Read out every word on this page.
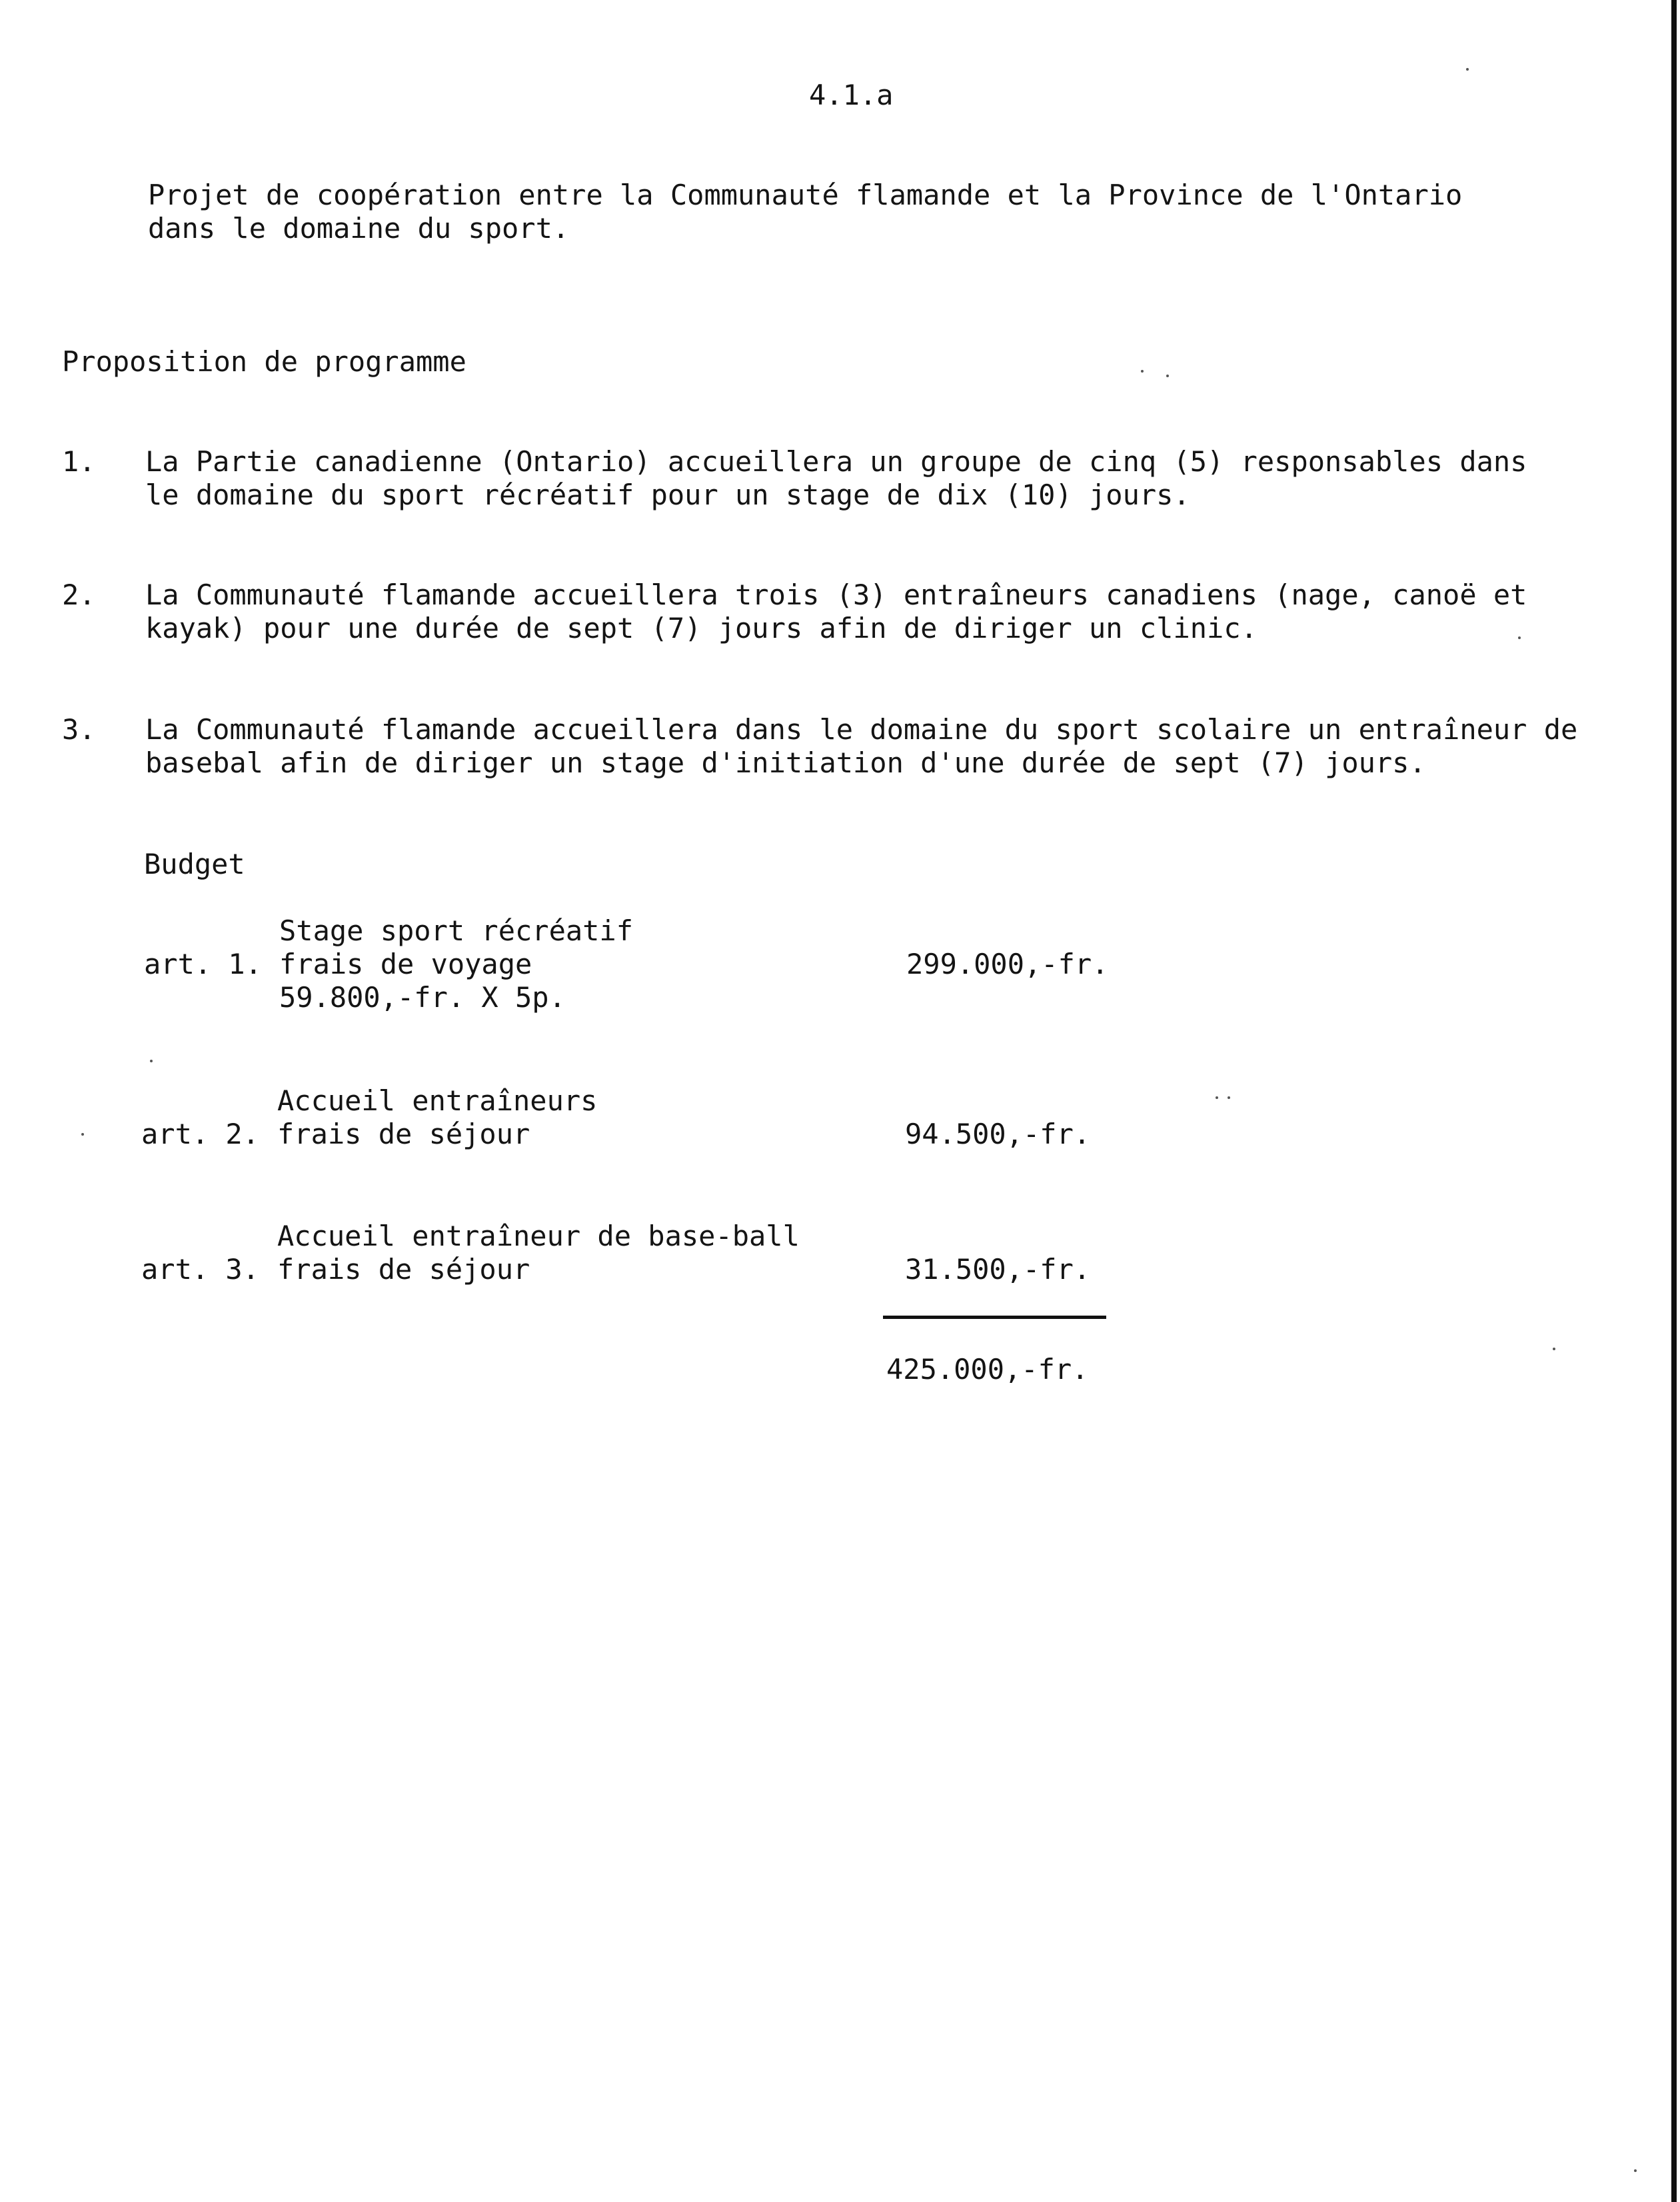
4.1.a

Projet de coopération entre la Communauté flamande et la Province de l'Ontario

dans le domaine du sport.

Proposition de programme

1. La Partie canadienne (Ontario) accueillera un groupe de cinq (5) responsables dans

le domaine du sport récréatif pour un stage de dix (10) jours.

2. La Communauté flamande accueillera trois (3) entraîneurs canadiens (nage, canoë et

kayak) pour une durée de sept (7) jours afin de diriger un clinic.

3. La Communauté flamande accueillera dans le domaine du sport scolaire un entraîneur de

basebal afin de diriger un stage d'initiation d'une durée de sept (7) jours.

Budget

Stage sport récréatif

art. 1. frais de voyage	299.000,-fr.

59.800,-fr. X 5p.

Accueil entraîneurs

art. 2. frais de séjour	94.500,-fr.

Accueil entraîneur de base-ball

art. 3. frais de séjour	31.500,-fr.

425.000,-fr.
